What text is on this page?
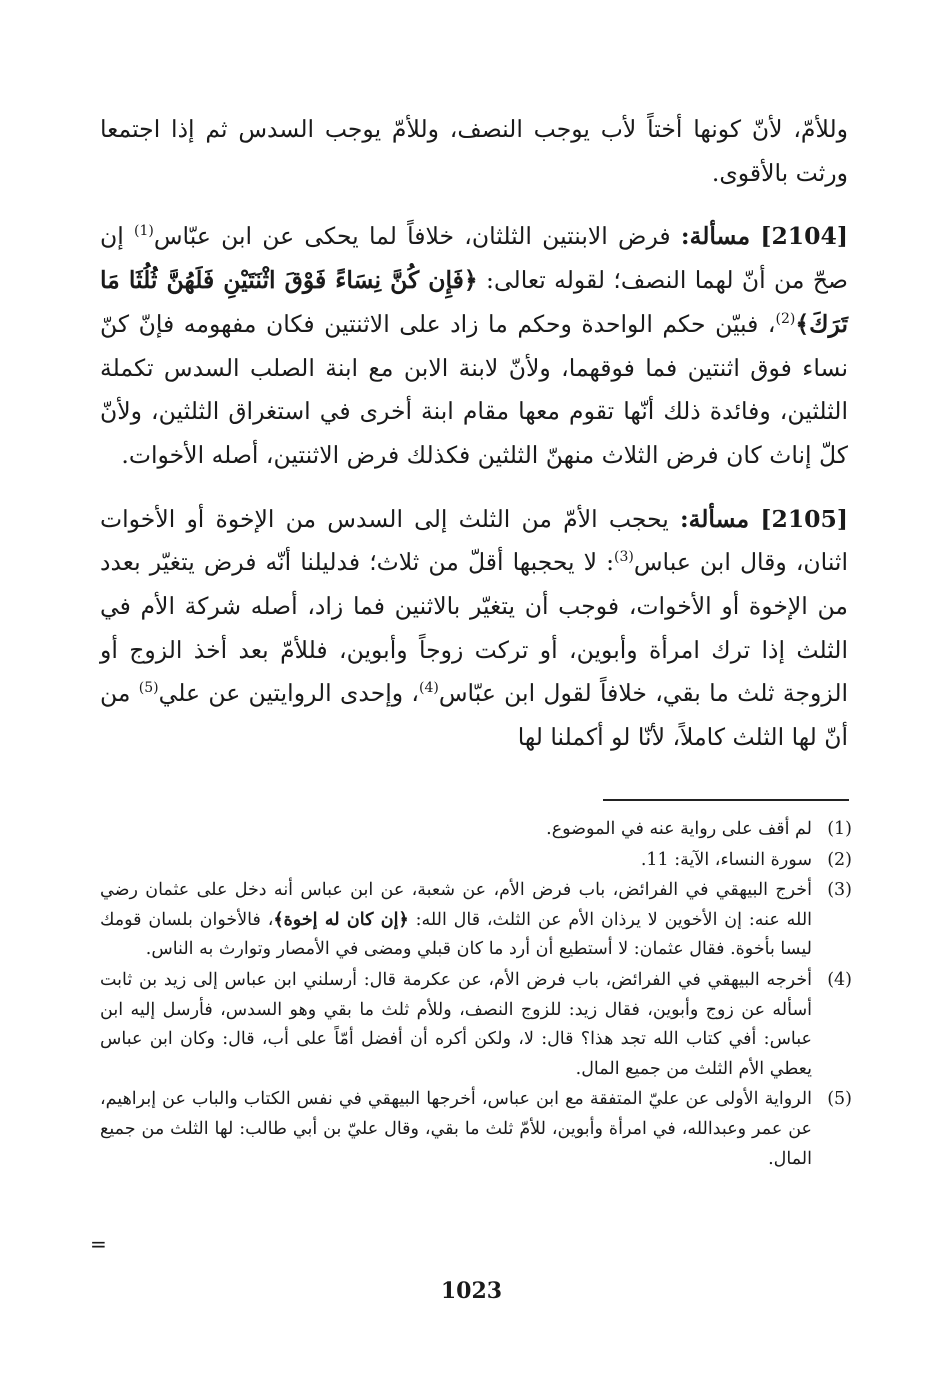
وللأمّ، لأنّ كونها أختاً لأب يوجب النصف، وللأمّ يوجب السدس ثم إذا اجتمعا ورثت بالأقوى.

[2104] مسألة: فرض الابنتين الثلثان، خلافاً لما يحكى عن ابن عبّاس$^{(1)}$ إن صحّ من أنّ لهما النصف؛ لقوله تعالى: ﴿فَإِن كُنَّ نِسَاءً فَوْقَ اثْنَتَيْنِ فَلَهُنَّ ثُلُثَا مَا تَرَكَ﴾$^{(2)}$، فبيّن حكم الواحدة وحكم ما زاد على الاثنتين فكان مفهومه فإنّ كنّ نساء فوق اثنتين فما فوقهما، ولأنّ لابنة الابن مع ابنة الصلب السدس تكملة الثلثين، وفائدة ذلك أنّها تقوم معها مقام ابنة أخرى في استغراق الثلثين، ولأنّ كلّ إناث كان فرض الثلاث منهنّ الثلثين فكذلك فرض الاثنتين، أصله الأخوات.

[2105] مسألة: يحجب الأمّ من الثلث إلى السدس من الإخوة أو الأخوات اثنان، وقال ابن عباس$^{(3)}$: لا يحجبها أقلّ من ثلاث؛ فدليلنا أنّه فرض يتغيّر بعدد من الإخوة أو الأخوات، فوجب أن يتغيّر بالاثنين فما زاد، أصله شركة الأم في الثلث إذا ترك امرأة وأبوين، أو تركت زوجاً وأبوين، فللأمّ بعد أخذ الزوج أو الزوجة ثلث ما بقي، خلافاً لقول ابن عبّاس$^{(4)}$، وإحدى الروايتين عن علي$^{(5)}$ من أنّ لها الثلث كاملاً، لأنّا لو أكملنا لها

(1)
لم أقف على رواية عنه في الموضوع.
(2)
سورة النساء، الآية: 11.
(3)
أخرج البيهقي في الفرائض، باب فرض الأم، عن شعبة، عن ابن عباس أنه دخل على عثمان رضي الله عنه: إن الأخوين لا يرذان الأم عن الثلث، قال الله: ﴿إن كان له إخوة﴾، فالأخوان بلسان قومك ليسا بأخوة. فقال عثمان: لا أستطيع أن أرد ما كان قبلي ومضى في الأمصار وتوارث به الناس.
(4)
أخرجه البيهقي في الفرائض، باب فرض الأم، عن عكرمة قال: أرسلني ابن عباس إلى زيد بن ثابت أسأله عن زوج وأبوين، فقال زيد: للزوج النصف، وللأم ثلث ما بقي وهو السدس، فأرسل إليه ابن عباس: أفي كتاب الله تجد هذا؟ قال: لا، ولكن أكره أن أفضل أمّاً على أب، قال: وكان ابن عباس يعطي الأم الثلث من جميع المال.
(5)
الرواية الأولى عن عليّ المتفقة مع ابن عباس، أخرجها البيهقي في نفس الكتاب والباب عن إبراهيم، عن عمر وعبدالله، في امرأة وأبوين، للأمّ ثلث ما بقي، وقال عليّ بن أبي طالب: لها الثلث من جميع المال.
=
1023
